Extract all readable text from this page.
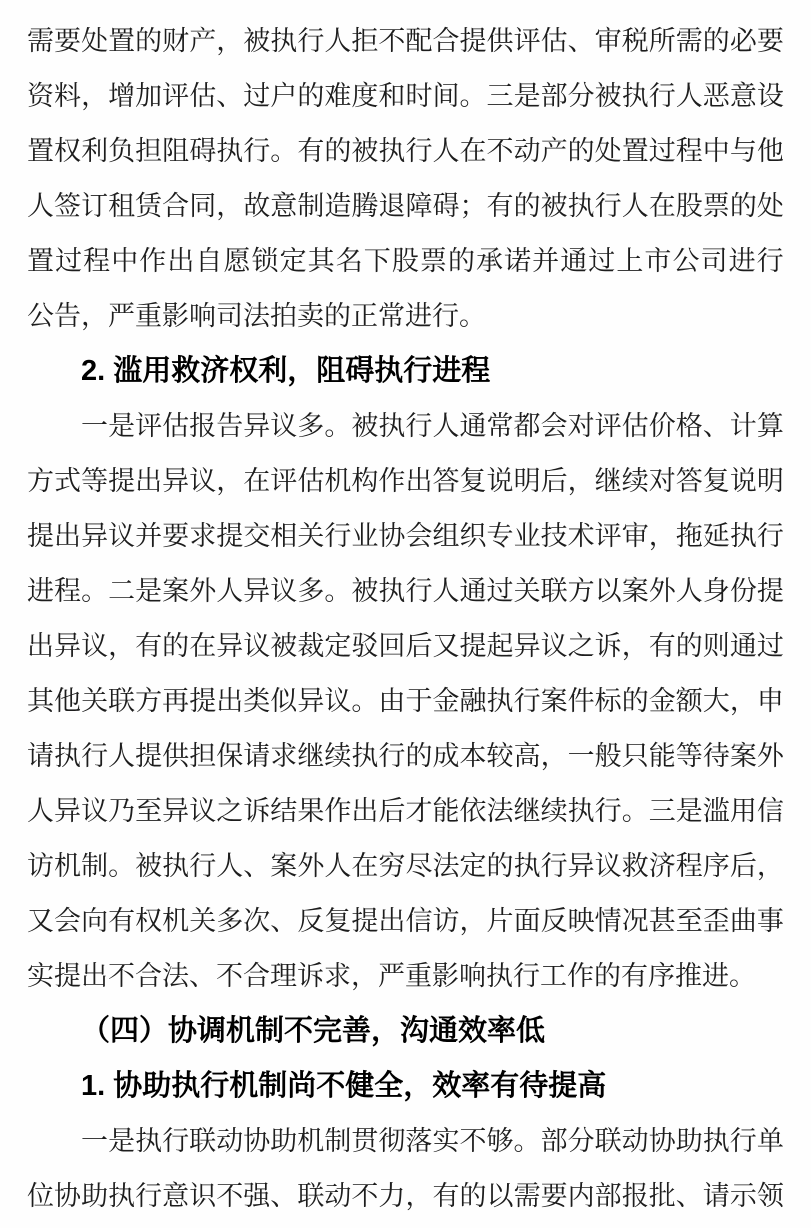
需 要 处 置 的 财 产 ， 被 执 行 人 拒 不 配 合 提 供 评 估 、 审 税 所 需 的 必 要
资 料 ， 增 加 评 估 、 过 户 的 难 度 和 时 间 。 三 是 部 分 被 执 行 人 恶 意 设
置 权 利 负 担 阻 碍 执 行 。 有 的 被 执 行 人 在 不 动 产 的 处 置 过 程 中 与 他
人 签 订 租 赁 合 同 ， 故 意 制 造 腾 退 障 碍 ； 有 的 被 执 行 人 在 股 票 的 处
置 过 程 中 作 出 自 愿 锁 定 其 名 下 股 票 的 承 诺 并 通 过 上 市 公 司 进 行
公告，严重影响司法拍卖的正常进行。
2. 滥用救济权利，阻碍执行进程
一 是 评 估 报 告 异 议 多 。 被 执 行 人 通 常 都 会 对 评 估 价 格 、 计 算
方 式 等 提 出 异 议 ， 在 评 估 机 构 作 出 答 复 说 明 后 ， 继 续 对 答 复 说 明
提 出 异 议 并 要 求 提 交 相 关 行 业 协 会 组 织 专 业 技 术 评 审 ， 拖 延 执 行
进 程 。 二 是 案 外 人 异 议 多 。 被 执 行 人 通 过 关 联 方 以 案 外 人 身 份 提
出 异 议 ， 有 的 在 异 议 被 裁 定 驳 回 后 又 提 起 异 议 之 诉 ， 有 的 则 通 过
其 他 关 联 方 再 提 出 类 似 异 议 。 由 于 金 融 执 行 案 件 标 的 金 额 大 ， 申
请 执 行 人 提 供 担 保 请 求 继 续 执 行 的 成 本 较 高 ， 一 般 只 能 等 待 案 外
人 异 议 乃 至 异 议 之 诉 结 果 作 出 后 才 能 依 法 继 续 执 行 。 三 是 滥 用 信
访 机 制 。 被 执 行 人 、 案 外 人 在 穷 尽 法 定 的 执 行 异 议 救 济 程 序 后 ，
又 会 向 有 权 机 关 多 次 、 反 复 提 出 信 访 ， 片 面 反 映 情 况 甚 至 歪 曲 事
实提出不合法、不合理诉求，严重影响执行工作的有序推进。
（四）协调机制不完善，沟通效率低
1. 协助执行机制尚不健全，效率有待提高
一 是 执 行 联 动 协 助 机 制 贯 彻 落 实 不 够 。 部 分 联 动 协 助 执 行 单
位 协 助 执 行 意 识 不 强 、 联 动 不 力 ， 有 的 以 需 要 内 部 报 批 、 请 示 领
